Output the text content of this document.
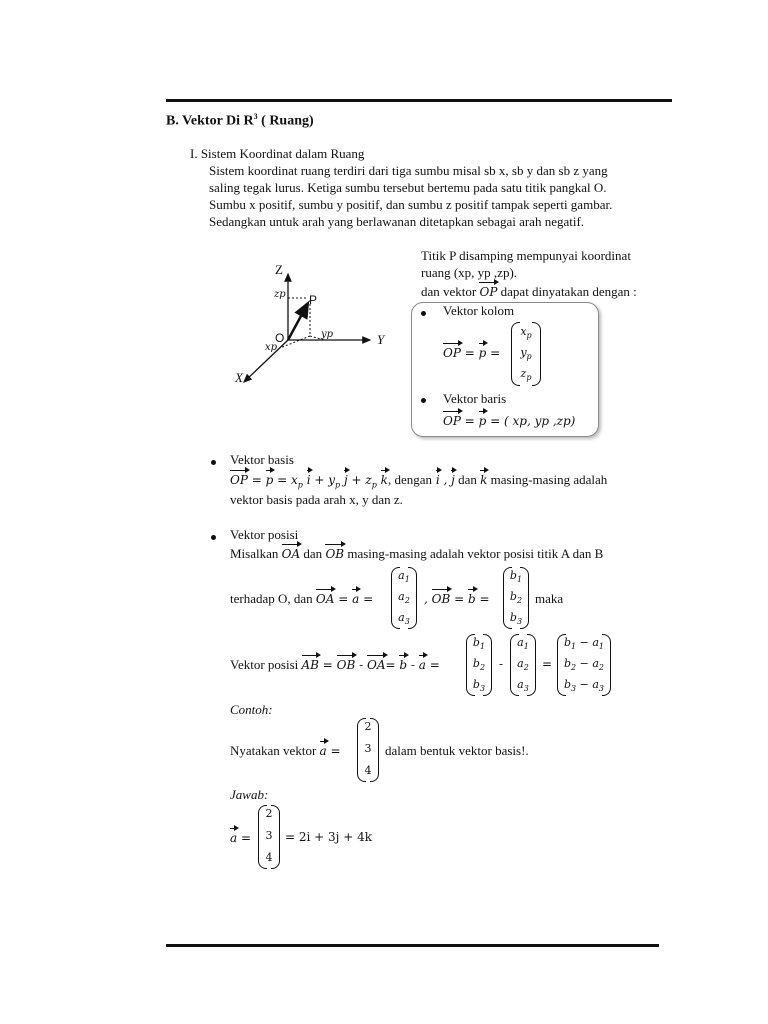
B. Vektor Di $R^3$ ( Ruang)
I. Sistem Koordinat dalam Ruang
Sistem koordinat ruang terdiri dari tiga sumbu misal sb x, sb y dan sb z yang
saling tegak lurus. Ketiga sumbu tersebut bertemu pada satu titik pangkal O.
Sumbu x positif, sumbu y positif, dan sumbu z positif tampak seperti gambar.
Sedangkan untuk arah yang berlawanan ditetapkan sebagai arah negatif.
Z
Y
X
O
P
zp
yp
xp
Titik P disamping mempunyai koordinat
ruang (xp, yp ,zp).
dan vektor OP dapat dinyatakan dengan :
Vektor kolom
OP = p =
$x_p$
$y_p$
$z_p$
Vektor baris
OP = p = ( xp, yp ,zp)
Vektor basis
OP = $p = x_p$ $i + y_p$ $j + z_p$ k, dengan i , j dan k masing-masing adalah
vektor basis pada arah x, y dan z.
Vektor posisi
Misalkan OA dan OB masing-masing adalah vektor posisi titik A dan B
terhadap O, dan OA = a =
$a_1$
$a_2$
$a_3$
, OB = b =
$b_1$
$b_2$
$b_3$
maka
Vektor posisi AB = OB - OA= b - a =
$b_1$
$b_2$
$b_3$
-
$a_1$
$a_2$
$a_3$
=
$b_1 - a_1$
$b_2 - a_2$
$b_3 - a_3$
Contoh:
Nyatakan vektor a =
2
3
4
dalam bentuk vektor basis!.
Jawab:
a =
2
3
4
= 2i + 3j + 4k
